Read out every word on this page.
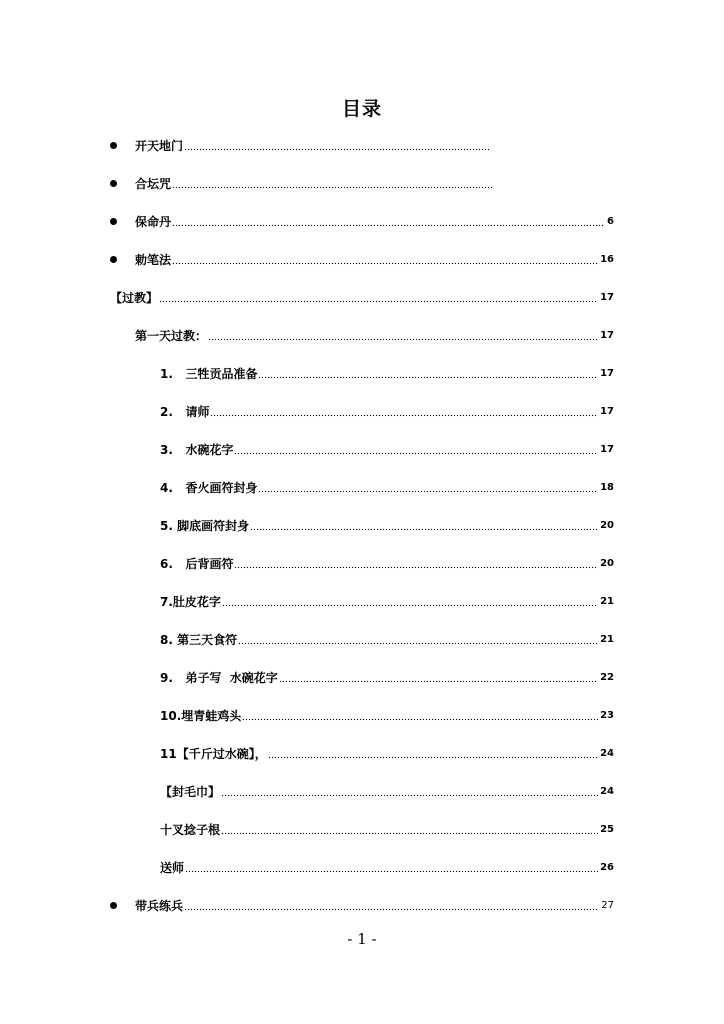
目录
开天地门
合坛咒
保命丹	6
勅笔法	16
【过教】	17
第一天过教：	17
1.   三牲贡品准备	17
2.   请师	17
3.   水碗花字	17
4.   香火画符封身	18
5. 脚底画符封身	20
6.   后背画符	20
7.肚皮花字	21
8. 第三天食符	21
9.   弟子写  水碗花字	22
10.埋青蛙鸡头	23
11【千斤过水碗】，	24
【封毛巾】	24
十叉捻子根	25
送师	26
带兵练兵	27
- 1 -
